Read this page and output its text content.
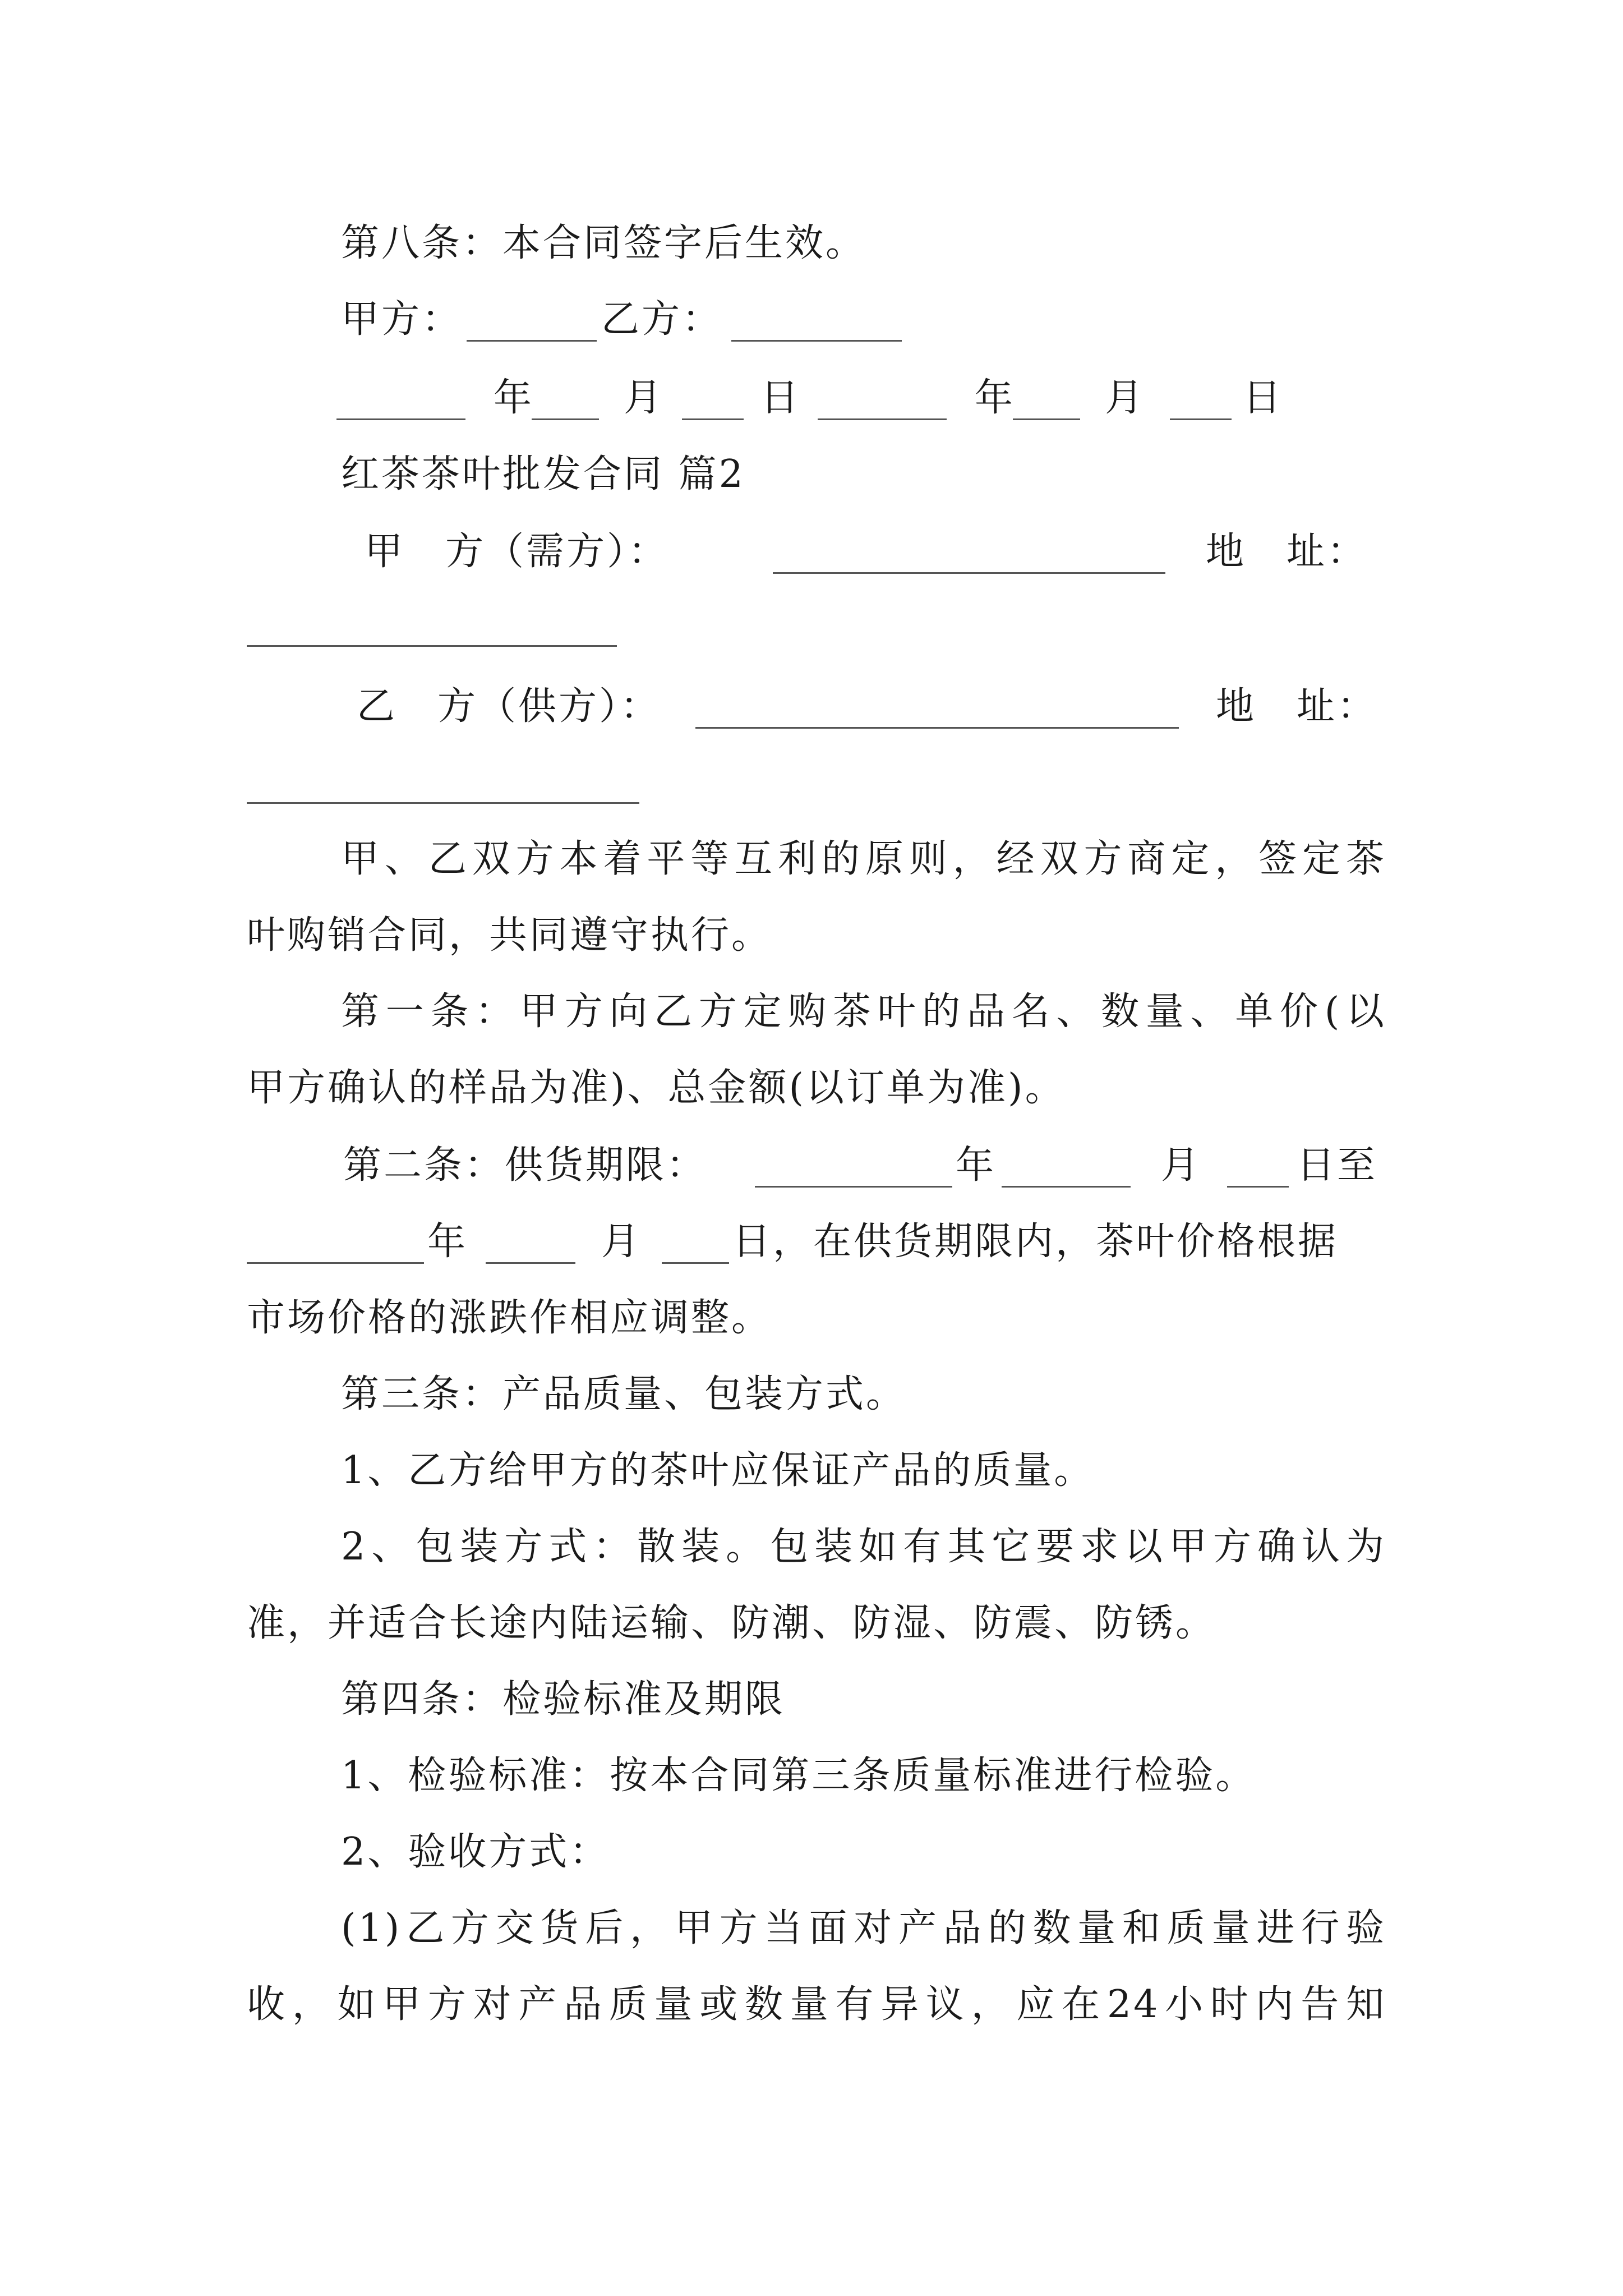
第八条：本合同签字后生效。
甲方：	乙方：
年 月	日	年 月	日
红茶茶叶批发合同 篇2
甲　方（需方）：	地　址：
乙　方（供方）：	地　址：
甲、乙双方本着平等互利的原则，经双方商定，签定茶
叶购销合同，共同遵守执行。
第一条：甲方向乙方定购茶叶的品名、数量、单价(以
甲方确认的样品为准)、总金额(以订单为准)。
第二条：供货期限：	年	月 日至
年	月 日，在供货期限内，茶叶价格根据
市场价格的涨跌作相应调整。
第三条：产品质量、包装方式。
1、乙方给甲方的茶叶应保证产品的质量。
2、包装方式：散装。包装如有其它要求以甲方确认为
准，并适合长途内陆运输、防潮、防湿、防震、防锈。
第四条：检验标准及期限
1、检验标准：按本合同第三条质量标准进行检验。
2、验收方式：
(1)乙方交货后，甲方当面对产品的数量和质量进行验
收，如甲方对产品质量或数量有异议，应在24小时内告知
